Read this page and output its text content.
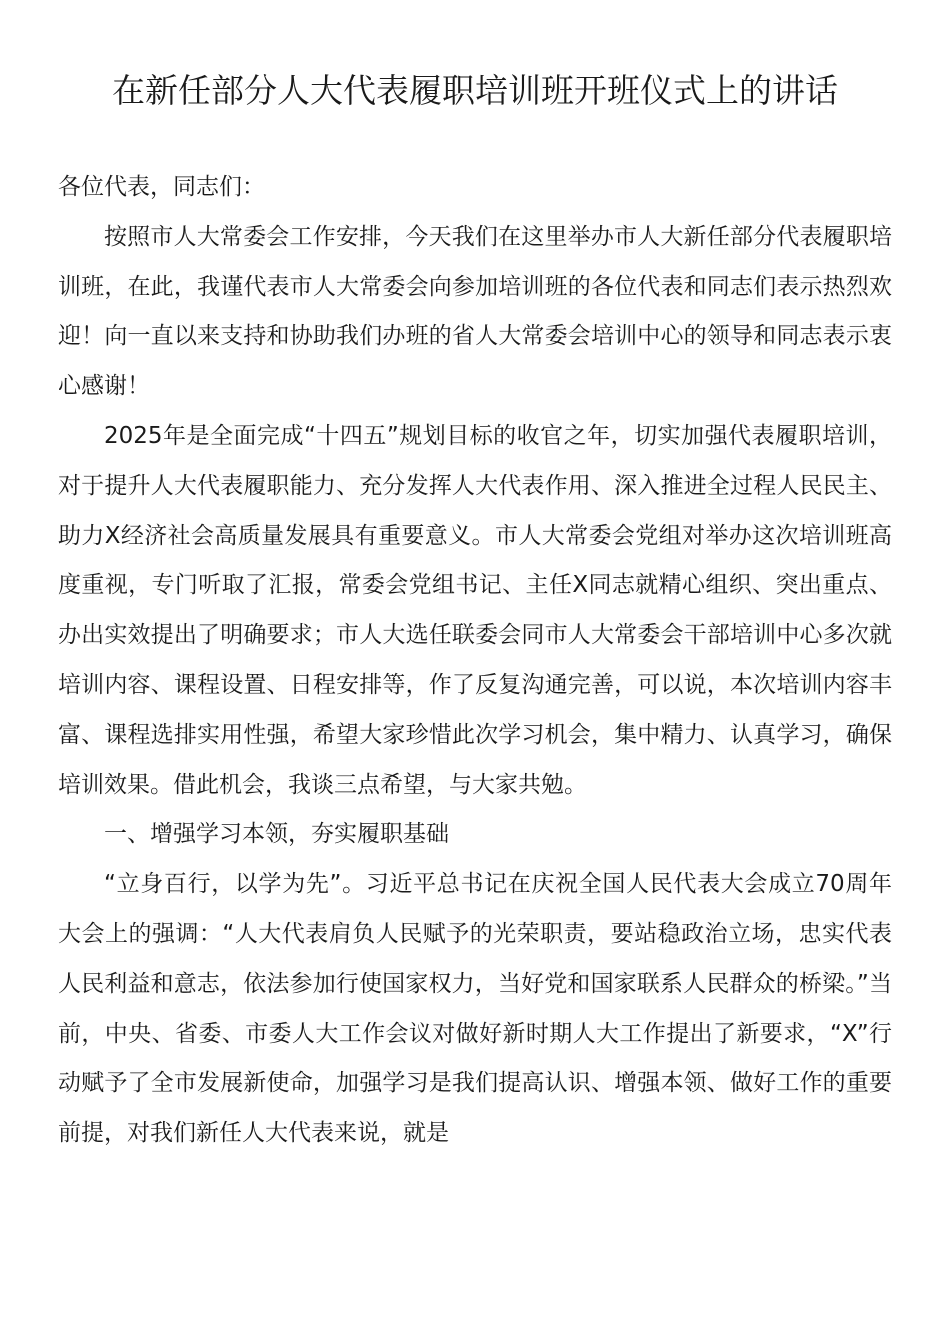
在新任部分人大代表履职培训班开班仪式上的讲话

各位代表，同志们：

按照市人大常委会工作安排，今天我们在这里举办市人大新任部分代表履职培训班，在此，我谨代表市人大常委会向参加培训班的各位代表和同志们表示热烈欢迎！向一直以来支持和协助我们办班的省人大常委会培训中心的领导和同志表示衷心感谢！

2025年是全面完成“十四五”规划目标的收官之年，切实加强代表履职培训，对于提升人大代表履职能力、充分发挥人大代表作用、深入推进全过程人民民主、助力X经济社会高质量发展具有重要意义。市人大常委会党组对举办这次培训班高度重视，专门听取了汇报，常委会党组书记、主任X同志就精心组织、突出重点、办出实效提出了明确要求；市人大选任联委会同市人大常委会干部培训中心多次就培训内容、课程设置、日程安排等，作了反复沟通完善，可以说，本次培训内容丰富、课程选排实用性强，希望大家珍惜此次学习机会，集中精力、认真学习，确保培训效果。借此机会，我谈三点希望，与大家共勉。

一、增强学习本领，夯实履职基础

“立身百行，以学为先”。习近平总书记在庆祝全国人民代表大会成立70周年大会上的强调：“人大代表肩负人民赋予的光荣职责，要站稳政治立场，忠实代表人民利益和意志，依法参加行使国家权力，当好党和国家联系人民群众的桥梁。”当前，中央、省委、市委人大工作会议对做好新时期人大工作提出了新要求，“X”行动赋予了全市发展新使命，加强学习是我们提高认识、增强本领、做好工作的重要前提，对我们新任人大代表来说，就是
